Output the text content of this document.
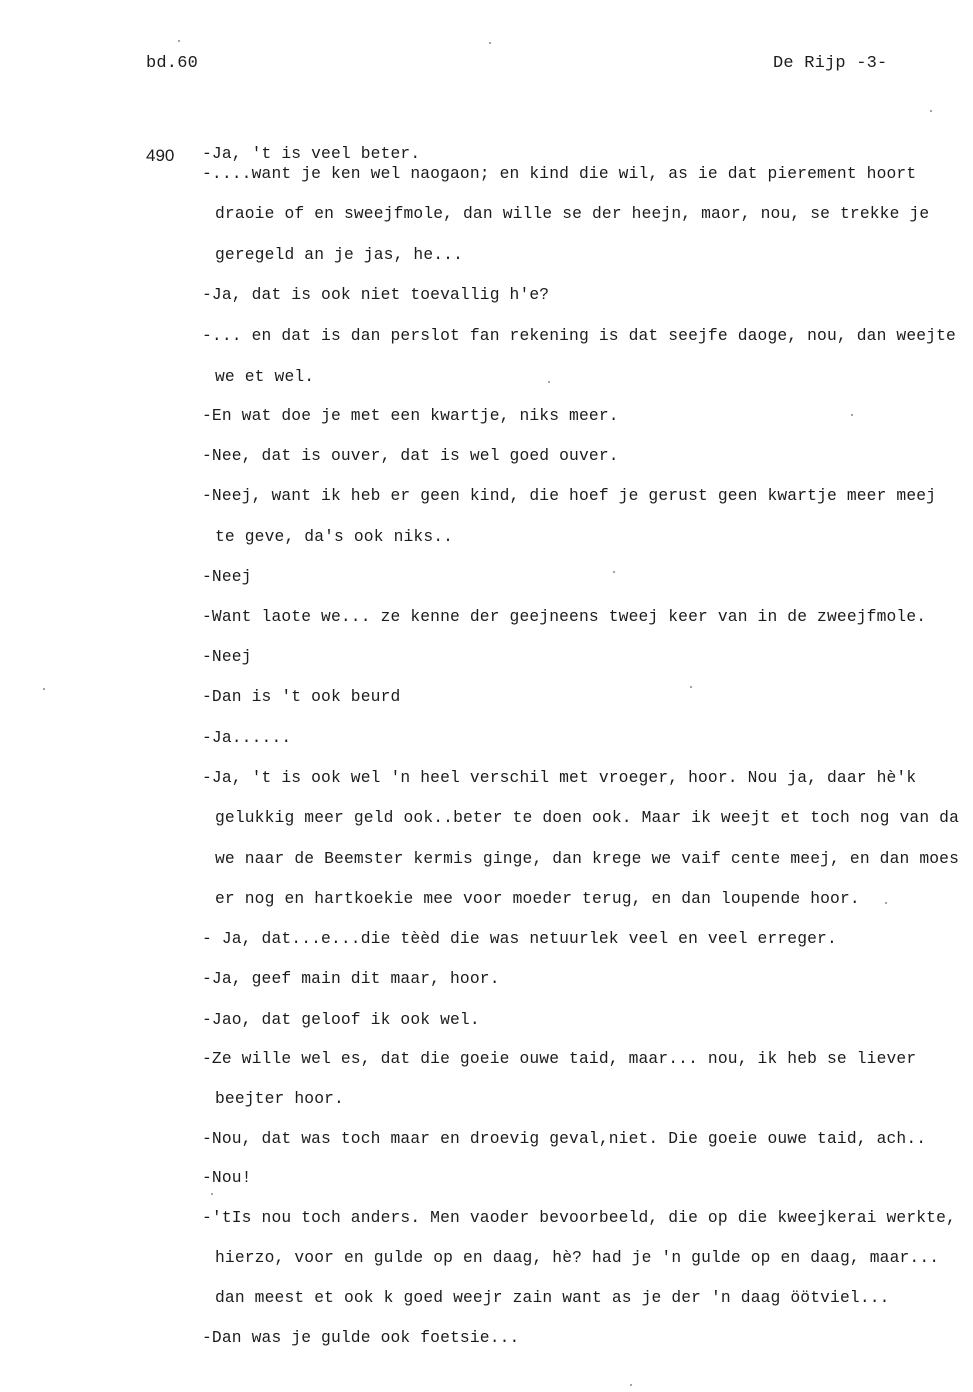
bd.60	De Rijp -3-
490 -Ja, 't is veel beter.
-....want je ken wel naogaon; en kind die wil, as ie dat pierement hoort
draoie of en sweejfmole, dan wille se der heejn, maor, nou, se trekke je
geregeld an je jas, he...
-Ja, dat is ook niet toevallig h'e?
-... en dat is dan perslot fan rekening is dat seejfe daoge, nou, dan weejte
we et wel.
-En wat doe je met een kwartje, niks meer.
-Nee, dat is ouver, dat is wel goed ouver.
-Neej, want ik heb er geen kind, die hoef je gerust geen kwartje meer meej
te geve, da's ook niks..
-Neej
-Want laote we... ze kenne der geejneens tweej keer van in de zweejfmole.
-Neej
-Dan is 't ook beurd
-Ja......
-Ja, 't is ook wel 'n heel verschil met vroeger, hoor. Nou ja, daar hè'k
gelukkig meer geld ook..beter te doen ook. Maar ik weejt et toch nog van da
we naar de Beemster kermis ginge, dan krege we vaif cente meej, en dan moes
er nog en hartkoekie mee voor moeder terug, en dan loupende hoor.
- Ja, dat...e...die tèèd die was netuurlek veel en veel erreger.
-Ja, geef main dit maar, hoor.
-Jao, dat geloof ik ook wel.
-Ze wille wel es, dat die goeie ouwe taid, maar... nou, ik heb se liever
beejter hoor.
-Nou, dat was toch maar en droevig geval,niet. Die goeie ouwe taid, ach..
-Nou!
-'tIs nou toch anders. Men vaoder bevoorbeeld, die op die kweejkerai werkte,
hierzo, voor en gulde op en daag, hè? had je 'n gulde op en daag, maar...
dan meest et ook k goed weejr zain want as je der 'n daag öötviel...
-Dan was je gulde ook foetsie...
